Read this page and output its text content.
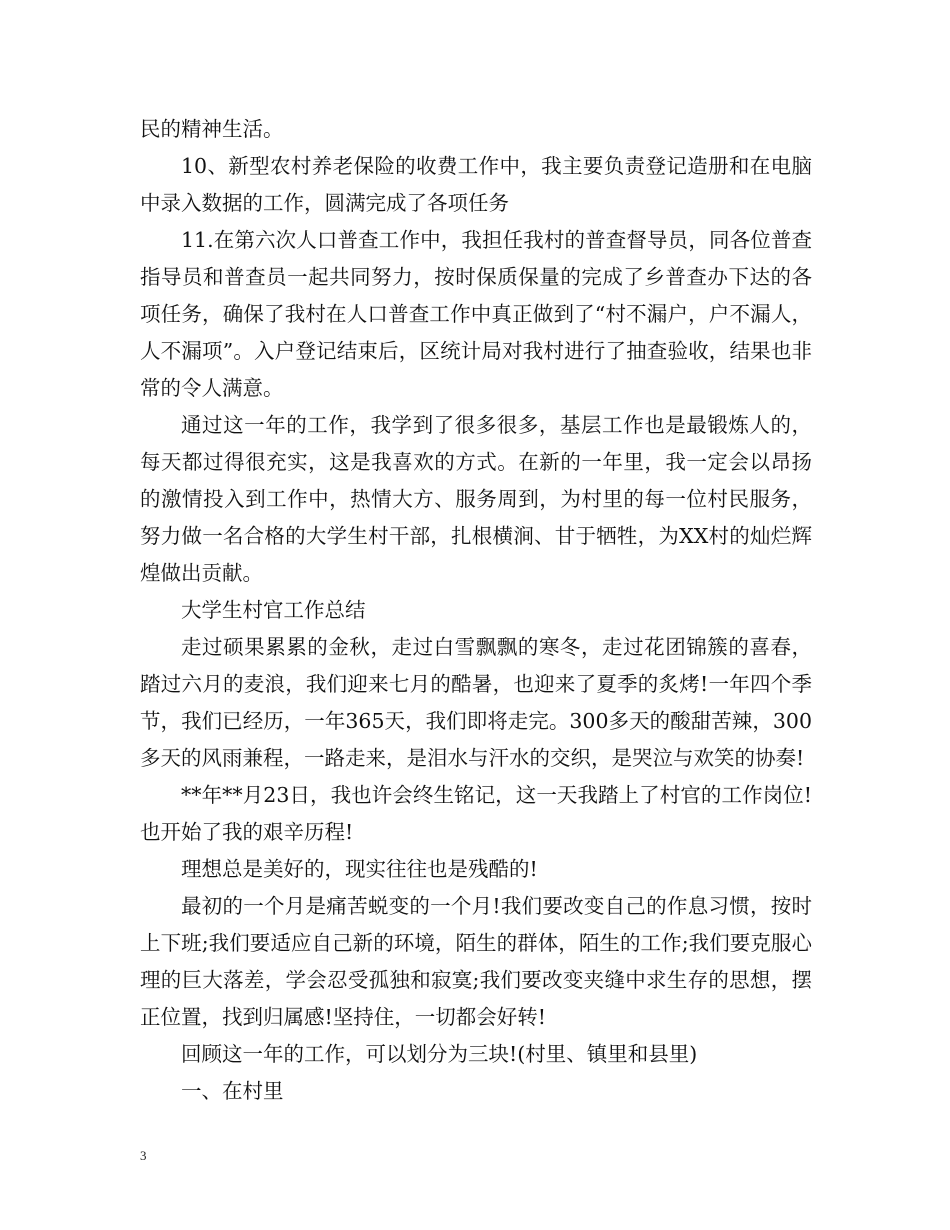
民的精神生活。

10、新型农村养老保险的收费工作中，我主要负责登记造册和在电脑中录入数据的工作，圆满完成了各项任务

11.在第六次人口普查工作中，我担任我村的普查督导员，同各位普查指导员和普查员一起共同努力，按时保质保量的完成了乡普查办下达的各项任务，确保了我村在人口普查工作中真正做到了“村不漏户，户不漏人，人不漏项”。入户登记结束后，区统计局对我村进行了抽查验收，结果也非常的令人满意。

通过这一年的工作，我学到了很多很多，基层工作也是最锻炼人的，每天都过得很充实，这是我喜欢的方式。在新的一年里，我一定会以昂扬的激情投入到工作中，热情大方、服务周到，为村里的每一位村民服务，努力做一名合格的大学生村干部，扎根横涧、甘于牺牲，为XX村的灿烂辉煌做出贡献。

大学生村官工作总结

走过硕果累累的金秋，走过白雪飘飘的寒冬，走过花团锦簇的喜春，踏过六月的麦浪，我们迎来七月的酷暑，也迎来了夏季的炙烤!一年四个季节，我们已经历，一年365天，我们即将走完。300多天的酸甜苦辣，300多天的风雨兼程，一路走来，是泪水与汗水的交织，是哭泣与欢笑的协奏!

**年**月23日，我也许会终生铭记，这一天我踏上了村官的工作岗位!也开始了我的艰辛历程!

理想总是美好的，现实往往也是残酷的!

最初的一个月是痛苦蜕变的一个月!我们要改变自己的作息习惯，按时上下班;我们要适应自己新的环境，陌生的群体，陌生的工作;我们要克服心理的巨大落差，学会忍受孤独和寂寞;我们要改变夹缝中求生存的思想，摆正位置，找到归属感!坚持住，一切都会好转!

回顾这一年的工作，可以划分为三块!(村里、镇里和县里)

一、在村里

3
